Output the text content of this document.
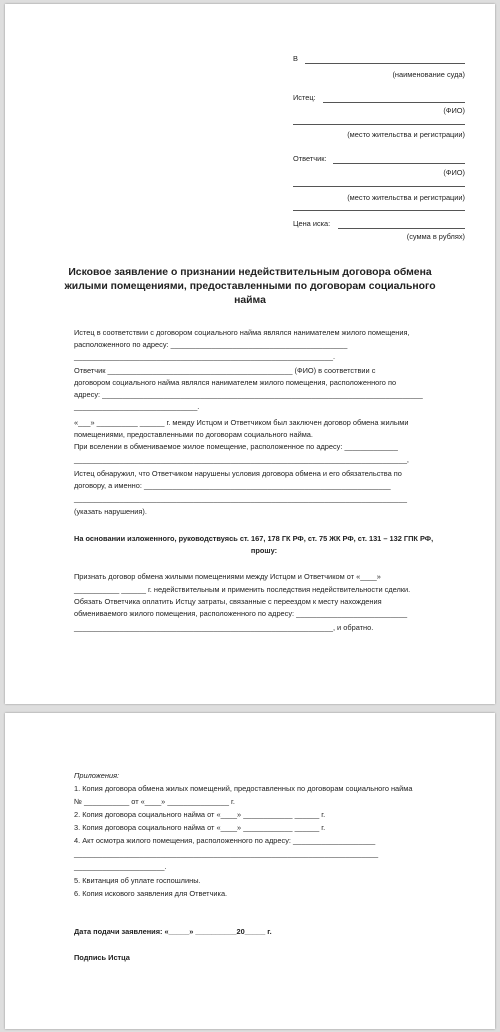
В
(наименование суда)
Истец:
(ФИО)
(место жительства и регистрации)
Ответчик:
(ФИО)
(место жительства и регистрации)
Цена иска:
(сумма в рублях)
Исковое заявление о признании недействительным договора обмена
жилыми помещениями, предоставленными по договорам социального
найма
Истец в соответствии с договором социального найма являлся нанимателем жилого помещения,
расположенного по адресу: ___________________________________________
_______________________________________________________________.
Ответчик _____________________________________________ (ФИО) в соответствии с
договором социального найма являлся нанимателем жилого помещения, расположенного по
адресу: ______________________________________________________________________________
______________________________.
«___» __________ ______ г. между Истцом и Ответчиком был заключен договор обмена жилыми
помещениями, предоставленными по договорам социального найма.
При вселении в обмениваемое жилое помещение, расположенное по адресу: _____________
_________________________________________________________________________________,
Истец обнаружил, что Ответчиком нарушены условия договора обмена и его обязательства по
договору, а именно: ____________________________________________________________
_________________________________________________________________________________
(указать нарушения).
На основании изложенного, руководствуясь ст. 167, 178 ГК РФ, ст. 75 ЖК РФ, ст. 131 – 132 ГПК РФ,
прошу:
Признать договор обмена жилыми помещениями между Истцом и Ответчиком от «____»
___________ ______ г. недействительным и применить последствия недействительности сделки.
Обязать Ответчика оплатить Истцу затраты, связанные с переездом к месту нахождения
обмениваемого жилого помещения, расположенного по адресу: ___________________________
_______________________________________________________________, и обратно.
Приложения:
1. Копия договора обмена жилых помещений, предоставленных по договорам социального найма
№ ___________ от «____» _______________ г.
2. Копия договора социального найма от «____» ____________ ______ г.
3. Копия договора социального найма от «____» ____________ ______ г.
4. Акт осмотра жилого помещения, расположенного по адресу: ____________________
__________________________________________________________________________
______________________.
5. Квитанция об уплате госпошлины.
6. Копия искового заявления для Ответчика.
Дата подачи заявления: «_____» __________20_____ г.
Подпись Истца
